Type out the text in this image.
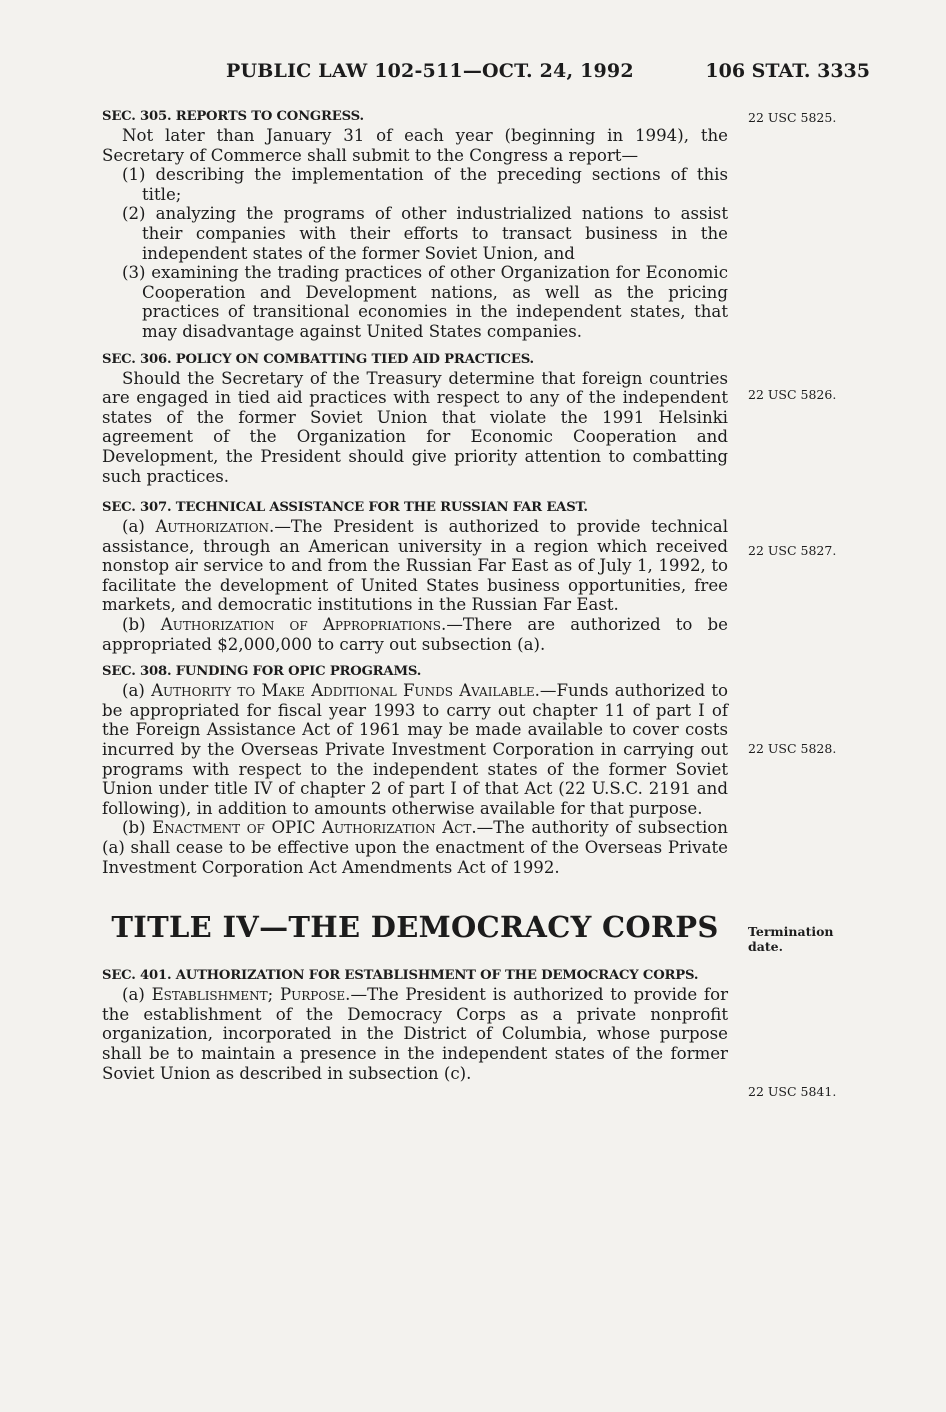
PUBLIC LAW 102-511—OCT. 24, 1992	106 STAT. 3335
22 USC 5825.
22 USC 5826.
22 USC 5827.
22 USC 5828.
Termination date.
22 USC 5841.

SEC. 305. REPORTS TO CONGRESS.

Not later than January 31 of each year (beginning in 1994), the Secretary of Commerce shall submit to the Congress a report—

(1) describing the implementation of the preceding sections of this title;

(2) analyzing the programs of other industrialized nations to assist their companies with their efforts to transact business in the independent states of the former Soviet Union, and

(3) examining the trading practices of other Organization for Economic Cooperation and Development nations, as well as the pricing practices of transitional economies in the independent states, that may disadvantage against United States companies.

SEC. 306. POLICY ON COMBATTING TIED AID PRACTICES.

Should the Secretary of the Treasury determine that foreign countries are engaged in tied aid practices with respect to any of the independent states of the former Soviet Union that violate the 1991 Helsinki agreement of the Organization for Economic Cooperation and Development, the President should give priority attention to combatting such practices.

SEC. 307. TECHNICAL ASSISTANCE FOR THE RUSSIAN FAR EAST.

(a) Authorization.—The President is authorized to provide technical assistance, through an American university in a region which received nonstop air service to and from the Russian Far East as of July 1, 1992, to facilitate the development of United States business opportunities, free markets, and democratic institutions in the Russian Far East.

(b) Authorization of Appropriations.—There are authorized to be appropriated $2,000,000 to carry out subsection (a).

SEC. 308. FUNDING FOR OPIC PROGRAMS.

(a) Authority to Make Additional Funds Available.—Funds authorized to be appropriated for fiscal year 1993 to carry out chapter 11 of part I of the Foreign Assistance Act of 1961 may be made available to cover costs incurred by the Overseas Private Investment Corporation in carrying out programs with respect to the independent states of the former Soviet Union under title IV of chapter 2 of part I of that Act (22 U.S.C. 2191 and following), in addition to amounts otherwise available for that purpose.

(b) Enactment of OPIC Authorization Act.—The authority of subsection (a) shall cease to be effective upon the enactment of the Overseas Private Investment Corporation Act Amendments Act of 1992.

TITLE IV—THE DEMOCRACY CORPS

SEC. 401. AUTHORIZATION FOR ESTABLISHMENT OF THE DEMOCRACY CORPS.

(a) Establishment; Purpose.—The President is authorized to provide for the establishment of the Democracy Corps as a private nonprofit organization, incorporated in the District of Columbia, whose purpose shall be to maintain a presence in the independent states of the former Soviet Union as described in subsection (c).
